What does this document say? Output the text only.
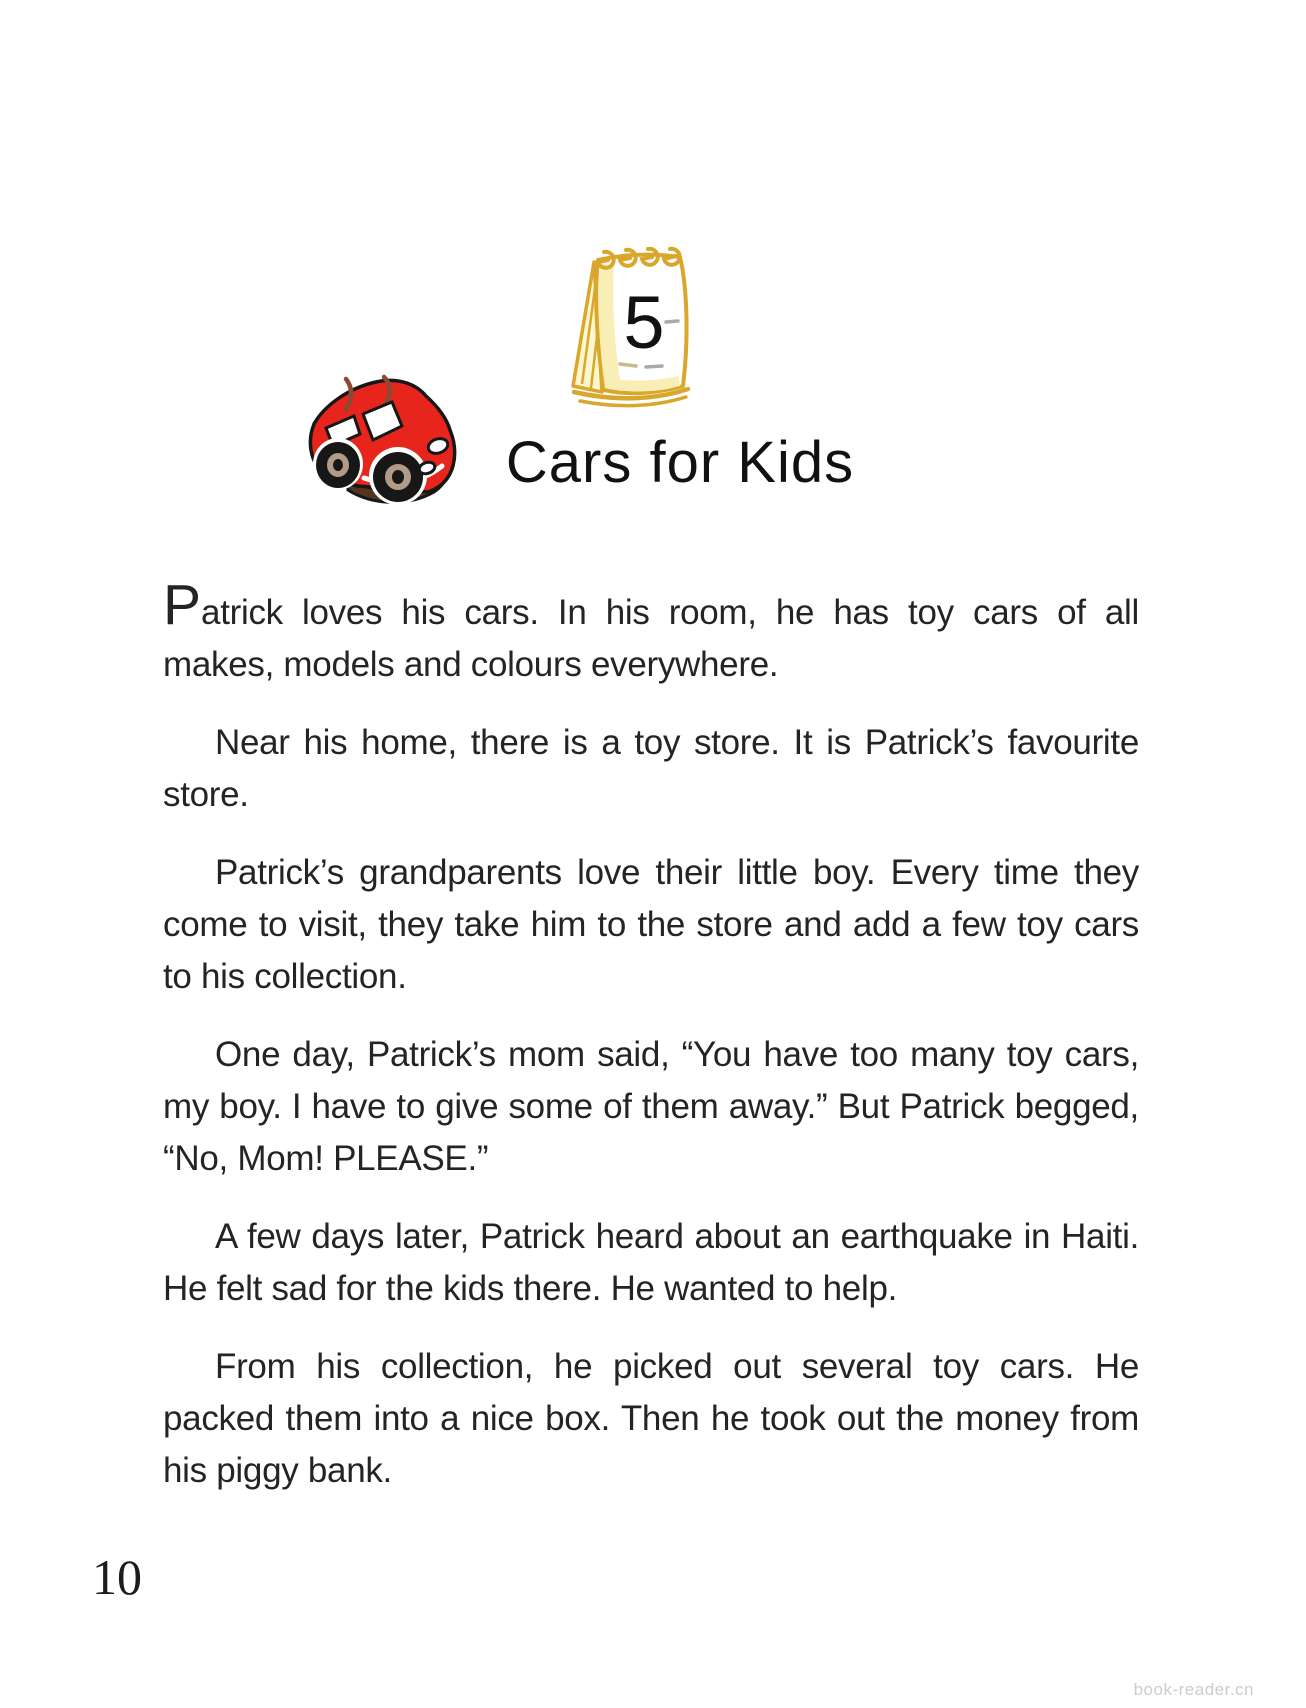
5
Cars for Kids

Patrick loves his cars. In his room, he has toy cars of all makes, models and colours everywhere.

Near his home, there is a toy store. It is Patrick’s favourite store.

Patrick’s grandparents love their little boy. Every time they come to visit, they take him to the store and add a few toy cars to his collection.

One day, Patrick’s mom said, “You have too many toy cars, my boy. I have to give some of them away.” But Patrick begged, “No, Mom! PLEASE.”

A few days later, Patrick heard about an earthquake in Haiti. He felt sad for the kids there. He wanted to help.

From his collection, he picked out several toy cars. He packed them into a nice box. Then he took out the money from his piggy bank.

10
book-reader.cn
